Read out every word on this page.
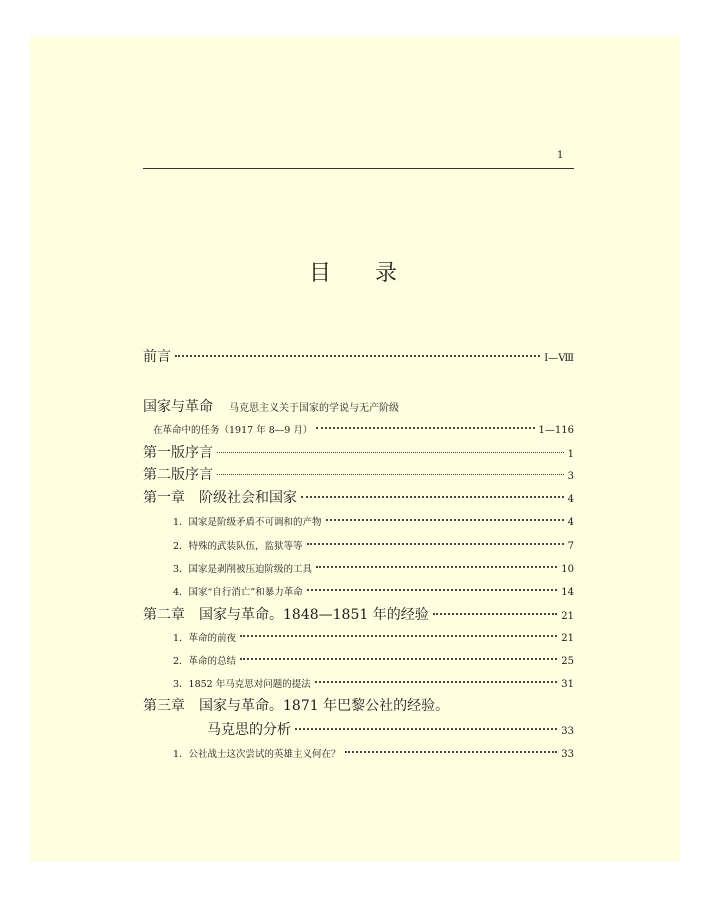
1
目 录
前言	Ⅰ—Ⅷ
国家与革命 马克思主义关于国家的学说与无产阶级
在革命中的任务（1917 年 8—9 月）	1—116
第一版序言	1
第二版序言	3
第一章　阶级社会和国家	4
1．国家是阶级矛盾不可调和的产物	4
2．特殊的武装队伍，监狱等等	7
3．国家是剥削被压迫阶级的工具	10
4．国家“自行消亡”和暴力革命	14
第二章　国家与革命。1848—1851 年的经验	21
1．革命的前夜	21
2．革命的总结	25
3．1852 年马克思对问题的提法	31
第三章　国家与革命。1871 年巴黎公社的经验。
马克思的分析	33
1．公社战士这次尝试的英雄主义何在？	33
